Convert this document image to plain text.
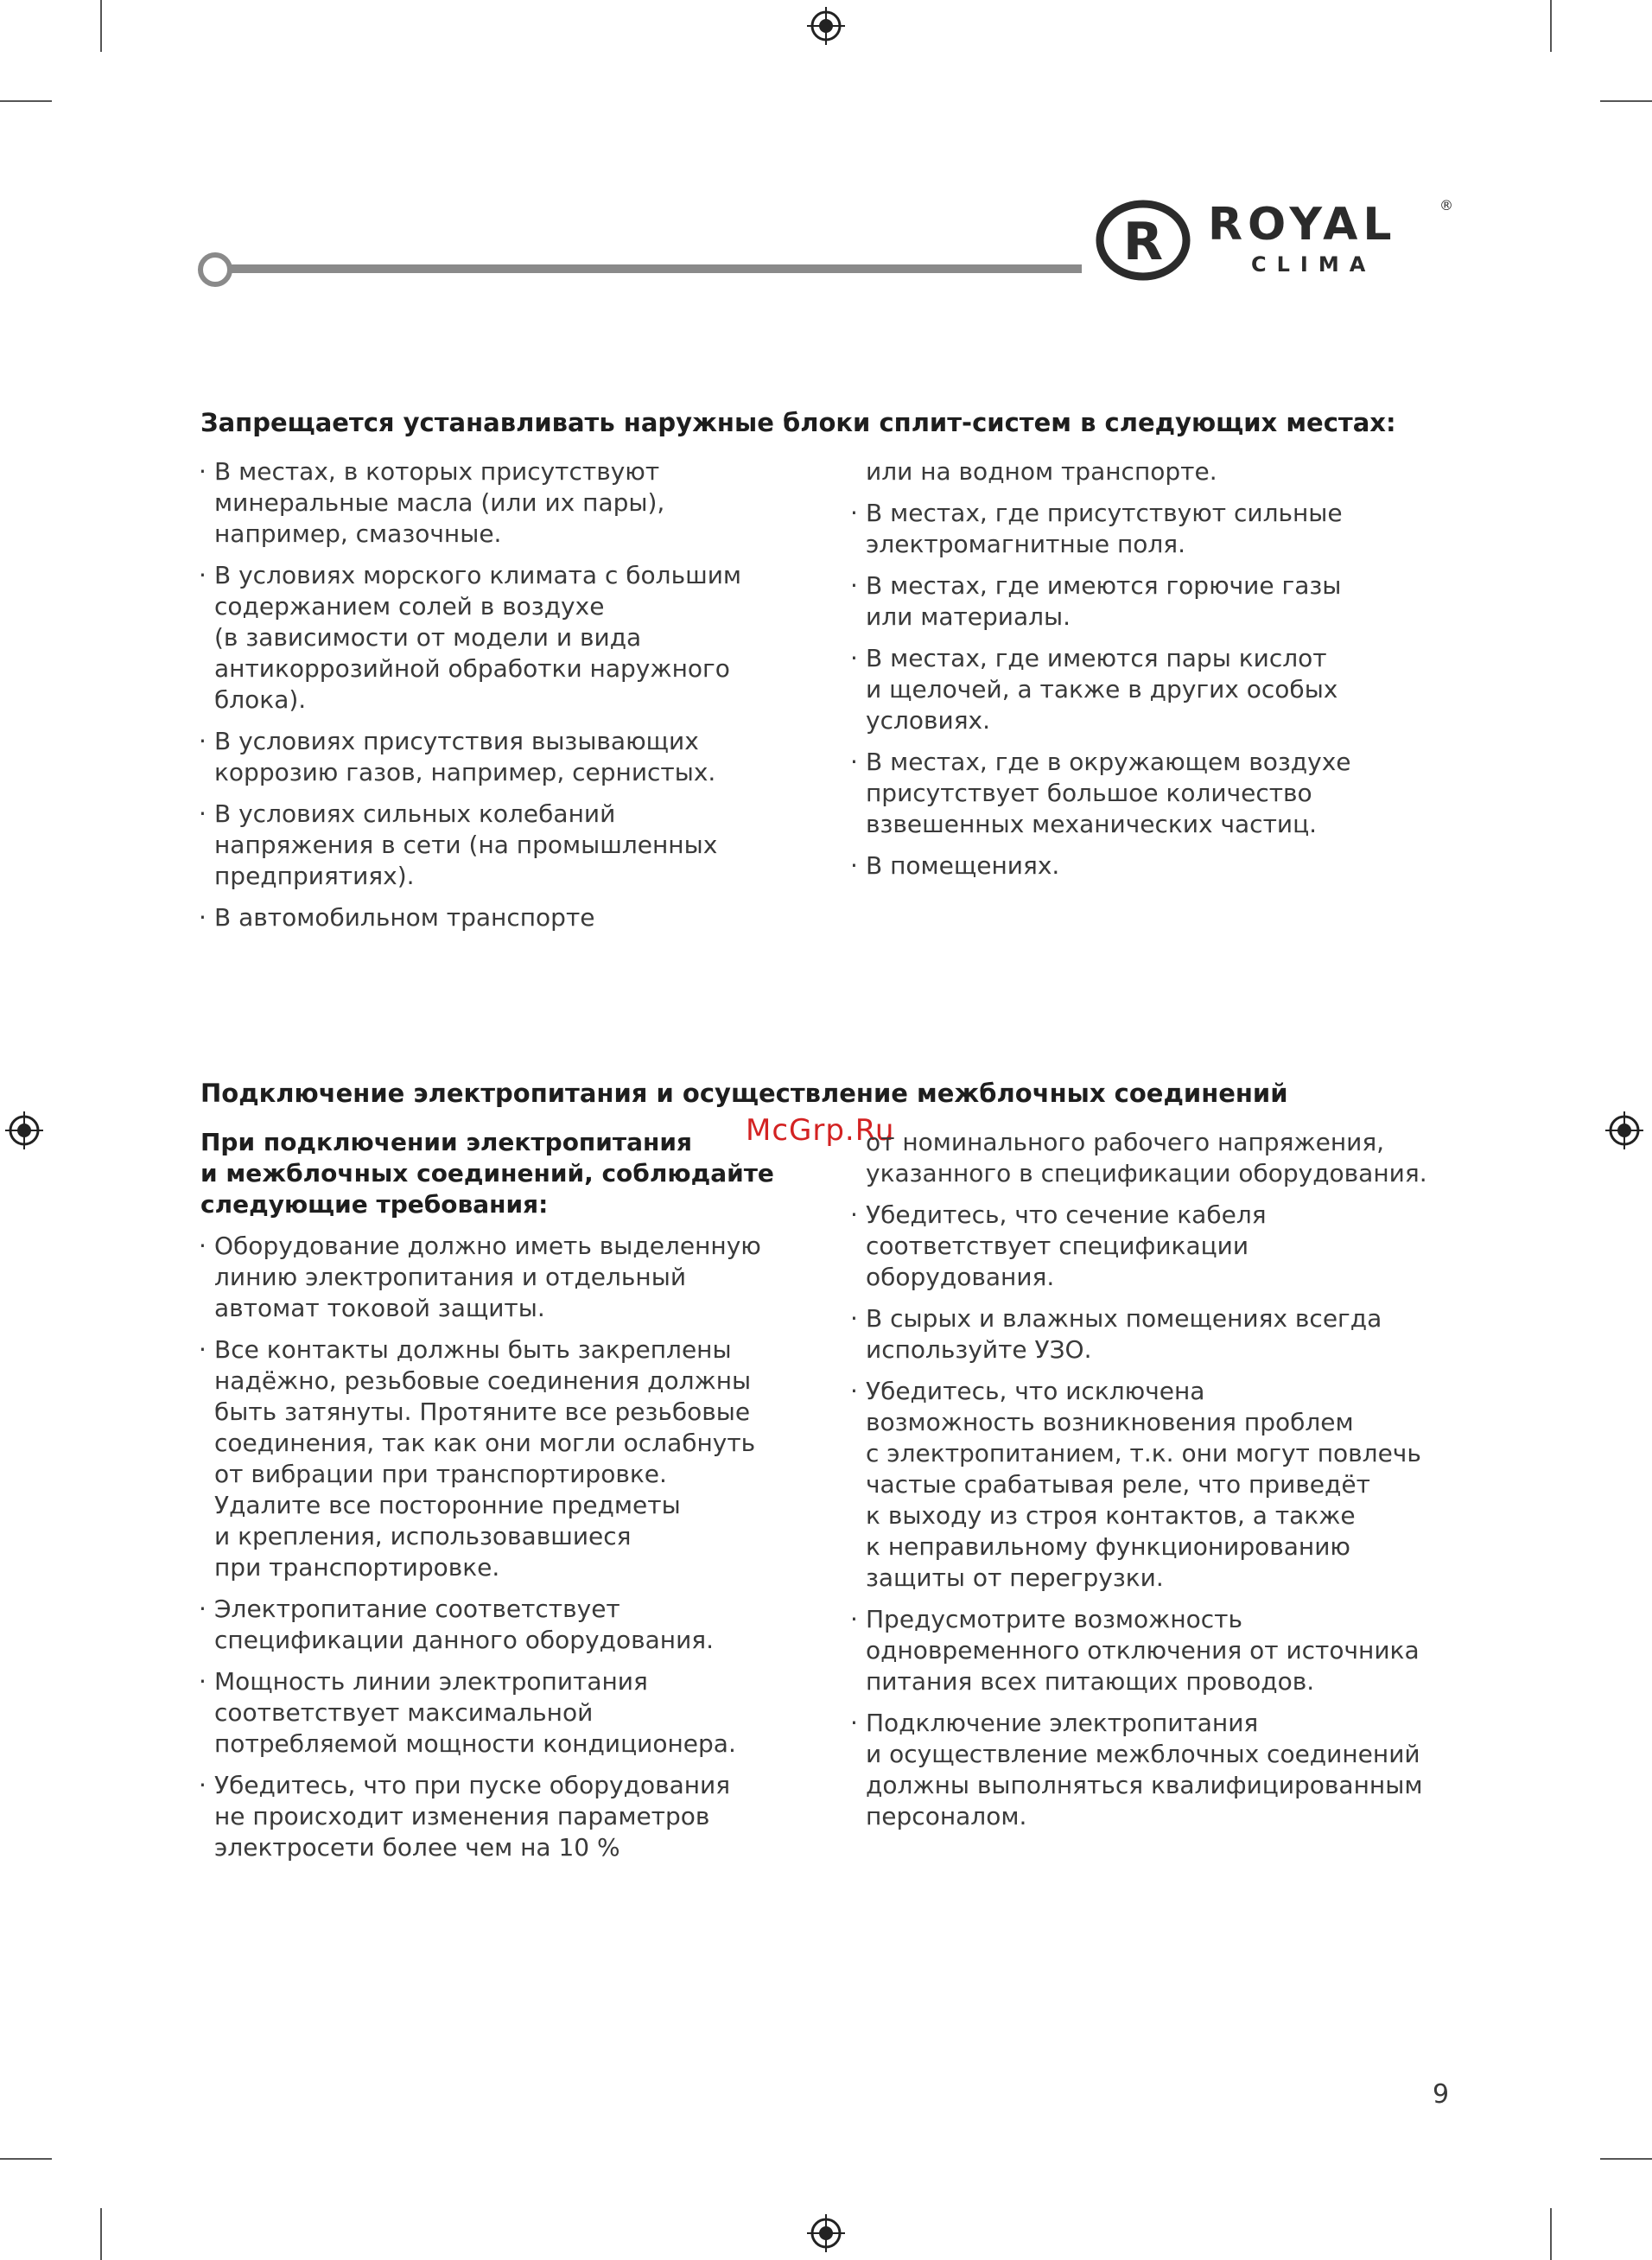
R ROYAL	®
CLIMA
Запрещается устанавливать наружные блоки сплит-систем в следующих местах:
· В местах, в которых присутствуют
минеральные масла (или их пары),
например, смазочные.
· В условиях морского климата с большим
содержанием солей в воздухе
(в зависимости от модели и вида
антикоррозийной обработки наружного
блока).
· В условиях присутствия вызывающих
коррозию газов, например, сернистых.
· В условиях сильных колебаний
напряжения в сети (на промышленных
предприятиях).
· В автомобильном транспорте
или на водном транспорте.
· В местах, где присутствуют сильные
электромагнитные поля.
· В местах, где имеются горючие газы
или материалы.
· В местах, где имеются пары кислот
и щелочей, а также в других особых
условиях.
· В местах, где в окружающем воздухе
присутствует большое количество
взвешенных механических частиц.
· В помещениях.
Подключение электропитания и осуществление межблочных соединений
McGrp.Ru
При подключении электропитания
и межблочных соединений, соблюдайте
следующие требования:
· Оборудование должно иметь выделенную
линию электропитания и отдельный
автомат токовой защиты.
· Все контакты должны быть закреплены
надёжно, резьбовые соединения должны
быть затянуты. Протяните все резьбовые
соединения, так как они могли ослабнуть
от вибрации при транспортировке.
Удалите все посторонние предметы
и крепления, использовавшиеся
при транспортировке.
· Электропитание соответствует
спецификации данного оборудования.
· Мощность линии электропитания
соответствует максимальной
потребляемой мощности кондиционера.
· Убедитесь, что при пуске оборудования
не происходит изменения параметров
электросети более чем на 10 %
от номинального рабочего напряжения,
указанного в спецификации оборудования.
· Убедитесь, что сечение кабеля
соответствует спецификации
оборудования.
· В сырых и влажных помещениях всегда
используйте УЗО.
· Убедитесь, что исключена
возможность возникновения проблем
с электропитанием, т.к. они могут повлечь
частые срабатывая реле, что приведёт
к выходу из строя контактов, а также
к неправильному функционированию
защиты от перегрузки.
· Предусмотрите возможность
одновременного отключения от источника
питания всех питающих проводов.
· Подключение электропитания
и осуществление межблочных соединений
должны выполняться квалифицированным
персоналом.
9
